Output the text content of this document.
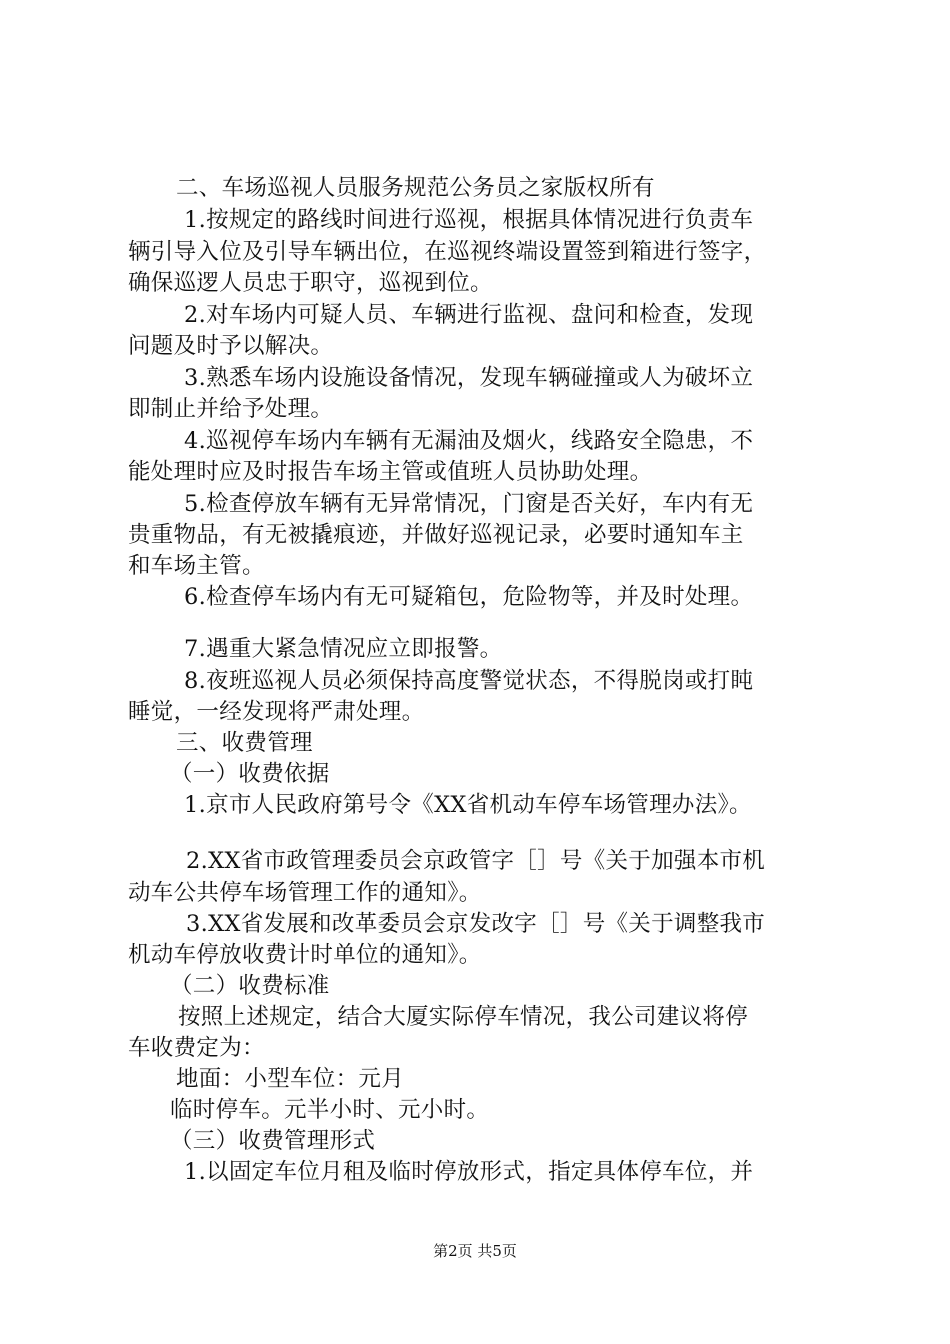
二、车场巡视人员服务规范公务员之家版权所有
1.按规定的路线时间进行巡视，根据具体情况进行负责车
辆引导入位及引导车辆出位，在巡视终端设置签到箱进行签字，
确保巡逻人员忠于职守，巡视到位。
2.对车场内可疑人员、车辆进行监视、盘问和检查，发现
问题及时予以解决。
3.熟悉车场内设施设备情况，发现车辆碰撞或人为破坏立
即制止并给予处理。
4.巡视停车场内车辆有无漏油及烟火，线路安全隐患，不
能处理时应及时报告车场主管或值班人员协助处理。
5.检查停放车辆有无异常情况，门窗是否关好，车内有无
贵重物品，有无被撬痕迹，并做好巡视记录，必要时通知车主
和车场主管。
6.检查停车场内有无可疑箱包，危险物等，并及时处理。
7.遇重大紧急情况应立即报警。
8.夜班巡视人员必须保持高度警觉状态，不得脱岗或打盹
睡觉，一经发现将严肃处理。
三、收费管理
（一）收费依据
1.京市人民政府第号令《XX省机动车停车场管理办法》。
2.XX省市政管理委员会京政管字［］号《关于加强本市机
动车公共停车场管理工作的通知》。
3.XX省发展和改革委员会京发改字［］号《关于调整我市
机动车停放收费计时单位的通知》。
（二）收费标准
按照上述规定，结合大厦实际停车情况，我公司建议将停
车收费定为：
地面：小型车位：元月
临时停车。元半小时、元小时。
（三）收费管理形式
1.以固定车位月租及临时停放形式，指定具体停车位，并
第2页 共5页
